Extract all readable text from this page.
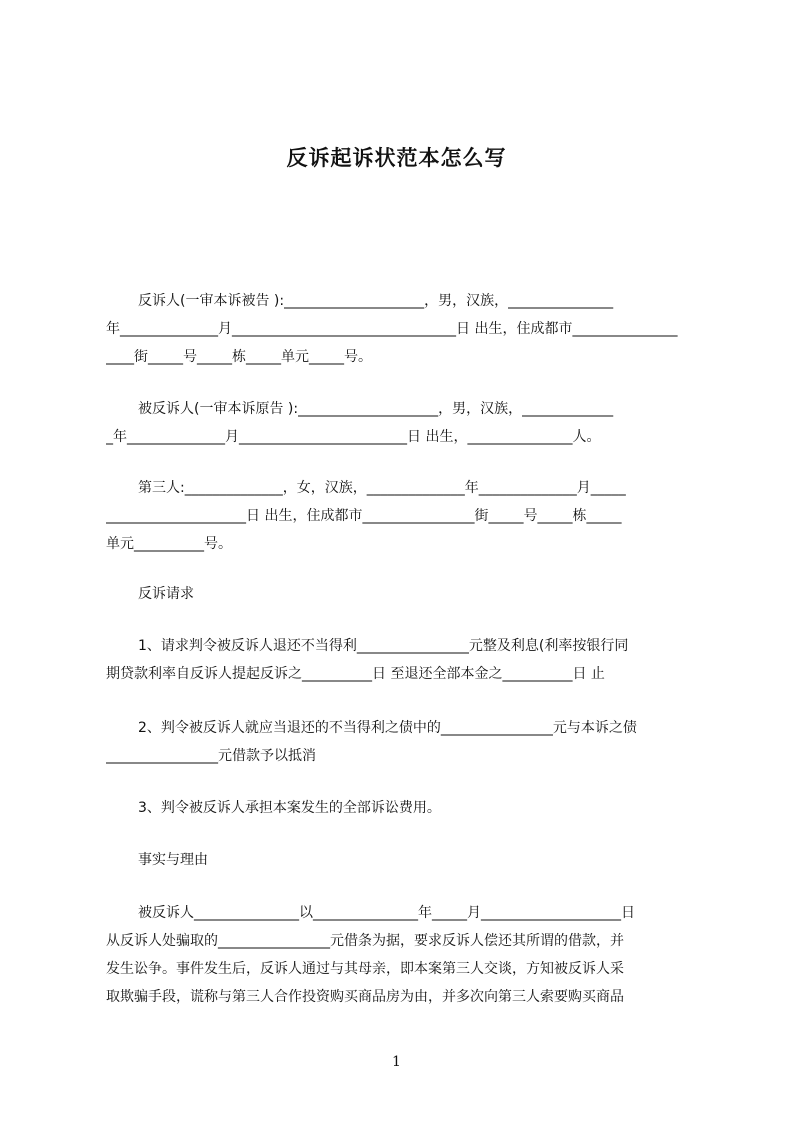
反诉起诉状范本怎么写
反诉人(一审本诉被告 ):____________________，男，汉族，_______________
年______________月________________________________日 出生，住成都市_______________
____街_____号_____栋_____单元_____号。
被反诉人(一审本诉原告 ):____________________，男，汉族，_____________
_年______________月________________________日 出生，_______________人。
第三人:______________，女，汉族，______________年______________月_____
____________________日 出生，住成都市________________街_____号_____栋_____
单元__________号。
反诉请求
1、请求判令被反诉人退还不当得利________________元整及利息(利率按银行同
期贷款利率自反诉人提起反诉之__________日 至退还全部本金之__________日 止
2、判令被反诉人就应当退还的不当得利之债中的________________元与本诉之债
________________元借款予以抵消
3、判令被反诉人承担本案发生的全部诉讼费用。
事实与理由
被反诉人_______________以_______________年_____月____________________日
从反诉人处骗取的________________元借条为据，要求反诉人偿还其所谓的借款，并
发生讼争。事件发生后，反诉人通过与其母亲，即本案第三人交谈，方知被反诉人采
取欺骗手段，谎称与第三人合作投资购买商品房为由，并多次向第三人索要购买商品
1
